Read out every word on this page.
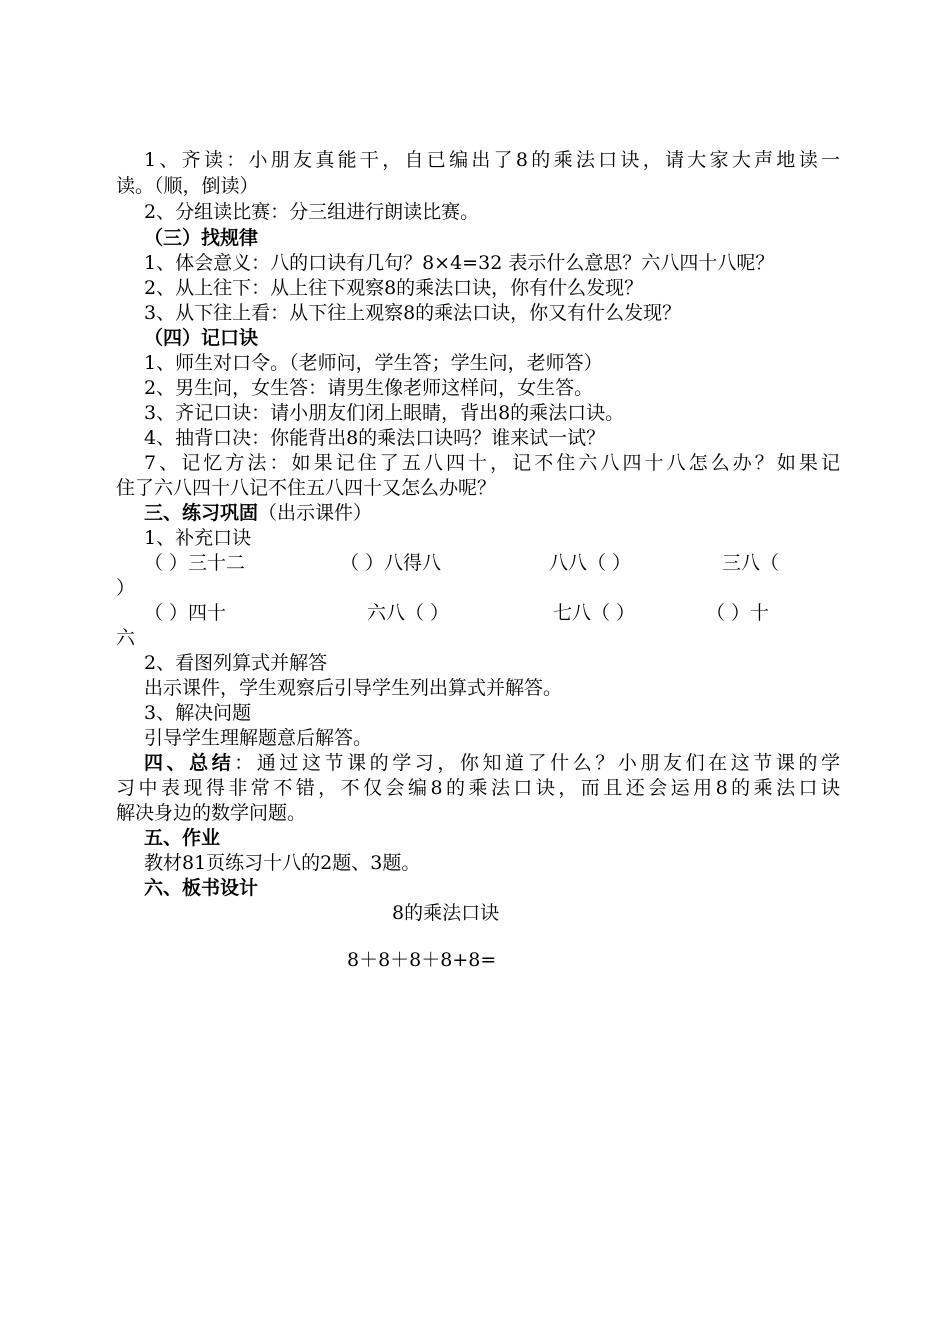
1、齐读：小朋友真能干，自已编出了8的乘法口诀，请大家大声地读一
读。（顺，倒读）
2、分组读比赛：分三组进行朗读比赛。
（三）找规律
1、体会意义：八的口诀有几句？8×4=32 表示什么意思？六八四十八呢？
2、从上往下：从上往下观察8的乘法口诀，你有什么发现？
3、从下往上看：从下往上观察8的乘法口诀，你又有什么发现？
（四）记口诀
1、师生对口令。（老师问，学生答；学生问，老师答）
2、男生问，女生答：请男生像老师这样问，女生答。
3、齐记口诀：请小朋友们闭上眼睛，背出8的乘法口诀。
4、抽背口决：你能背出8的乘法口诀吗？谁来试一试？
7、记忆方法：如果记住了五八四十，记不住六八四十八怎么办？如果记
住了六八四十八记不住五八四十又怎么办呢？
三、练习巩固（出示课件）
1、补充口诀
（ ）三十二	（ ）八得八	八八（ ）	三八（
）
（ ）四十	六八（ ）	七八（ ）	（ ）十
六
2、看图列算式并解答
出示课件，学生观察后引导学生列出算式并解答。
3、解决问题
引导学生理解题意后解答。
四、总结：通过这节课的学习，你知道了什么？小朋友们在这节课的学
习中表现得非常不错，不仅会编8的乘法口诀，而且还会运用8的乘法口诀
解决身边的数学问题。
五、作业
教材81页练习十八的2题、3题。
六、板书设计
8的乘法口诀
8＋8＋8＋8+8=
